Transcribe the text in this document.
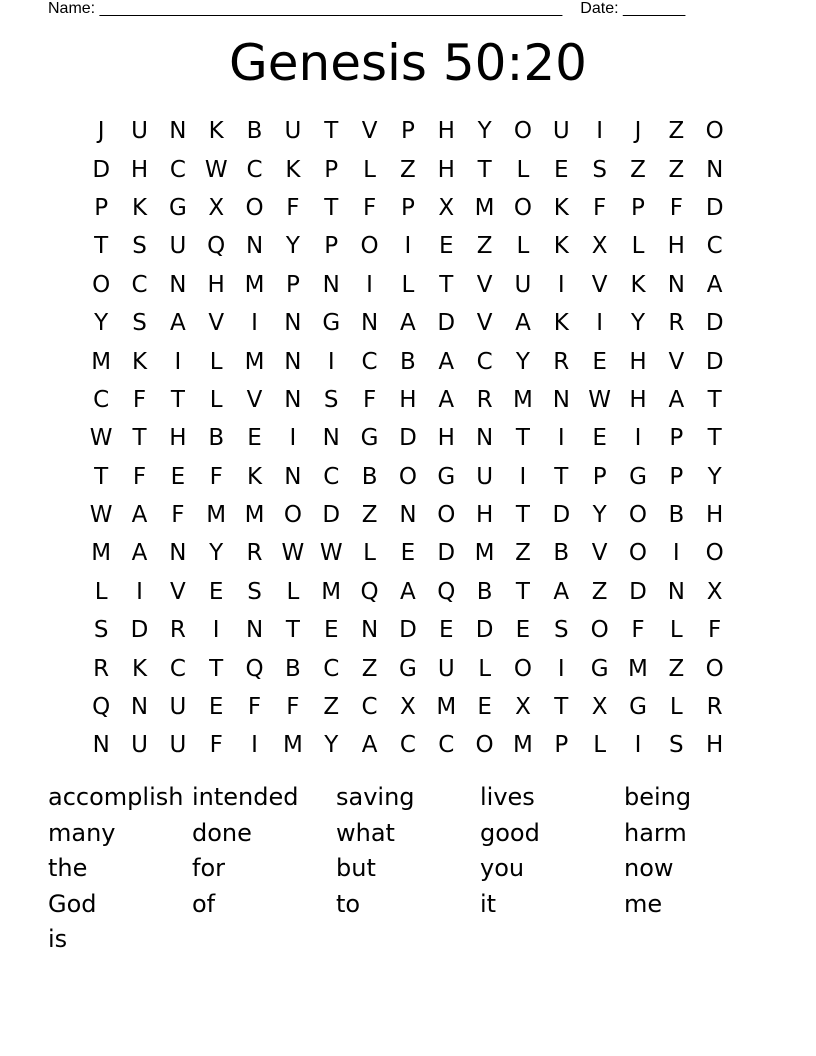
Name: ____________________________________________________ Date: _______
Genesis 50:20
J	U N K B U T	V	P H Y O U	I	J	Z O
D H C W C K	P	L	Z H T	L	E	S	Z Z N
P	K G X O F	T	F	P	X M O K	F	P	F D
T	S U Q N Y	P O	I	E	Z	L	K X	L	H C
O C N H M P N	I	L	T	V U	I	V K N A
Y	S	A V	I	N G N A D V A K	I	Y	R D
M K	I	L M N	I	C B A C	Y	R	E H V D
C	F	T	L	V N S	F	H A R M N W H A	T
W T H B	E	I	N G D H N T	I	E	I	P	T
T	F	E	F	K N C B O G U	I	T	P G P	Y
W A	F M M O D Z N O H T D Y O B H
M A N Y	R W W L	E D M Z B V O	I	O
L	I	V	E	S	L M Q A Q B	T	A Z D N X
S D R	I	N T	E N D E D E	S O F	L	F
R K C	T Q B C Z G U	L O	I	G M Z O
Q N U E	F	F	Z C X M E	X	T	X G	L	R
N U U	F	I	M Y	A C C O M P	L	I	S H
accomplish intended	saving	lives	being
many	done	what	good	harm
the	for	but	you	now
God	of	to	it	me
is
